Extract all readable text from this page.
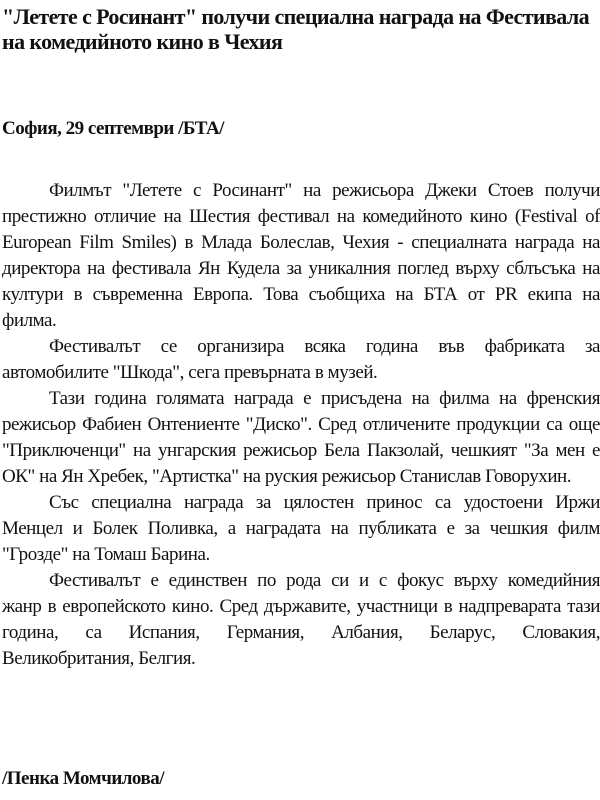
"Летете с Росинант" получи специална награда на Фестивала
на комедийното кино в Чехия
София, 29 септември /БТА/
Филмът "Летете с Росинант" на режисьора Джеки Стоев получи
престижно отличие на Шестия фестивал на комедийното кино (Festival of
European Film Smiles) в Млада Болеслав, Чехия - специалната награда на
директора на фестивала Ян Кудела за уникалния поглед върху сблъсъка на
култури в съвременна Европа. Това съобщиха на БТА от PR екипа на
филма.
Фестивалът се организира всяка година във фабриката за
автомобилите "Шкода", сега превърната в музей.
Тази година голямата награда е присъдена на филма на френския
режисьор Фабиен Онтениенте "Диско". Сред отличените продукции са още
"Приключенци" на унгарския режисьор Бела Пакзолай, чешкият "За мен е
ОК" на Ян Хребек, "Артистка" на руския режисьор Станислав Говорухин.
Със специална награда за цялостен принос са удостоени Иржи
Менцел и Болек Поливка, а наградата на публиката е за чешкия филм
"Гроздe" на Томаш Барина.
Фестивалът е единствен по рода си и с фокус върху комедийния
жанр в европейското кино. Сред държавите, участници в надпреварата тази
година, са Испания, Германия, Албания, Беларус, Словакия,
Великобритания, Белгия.
/Пенка Момчилова/
